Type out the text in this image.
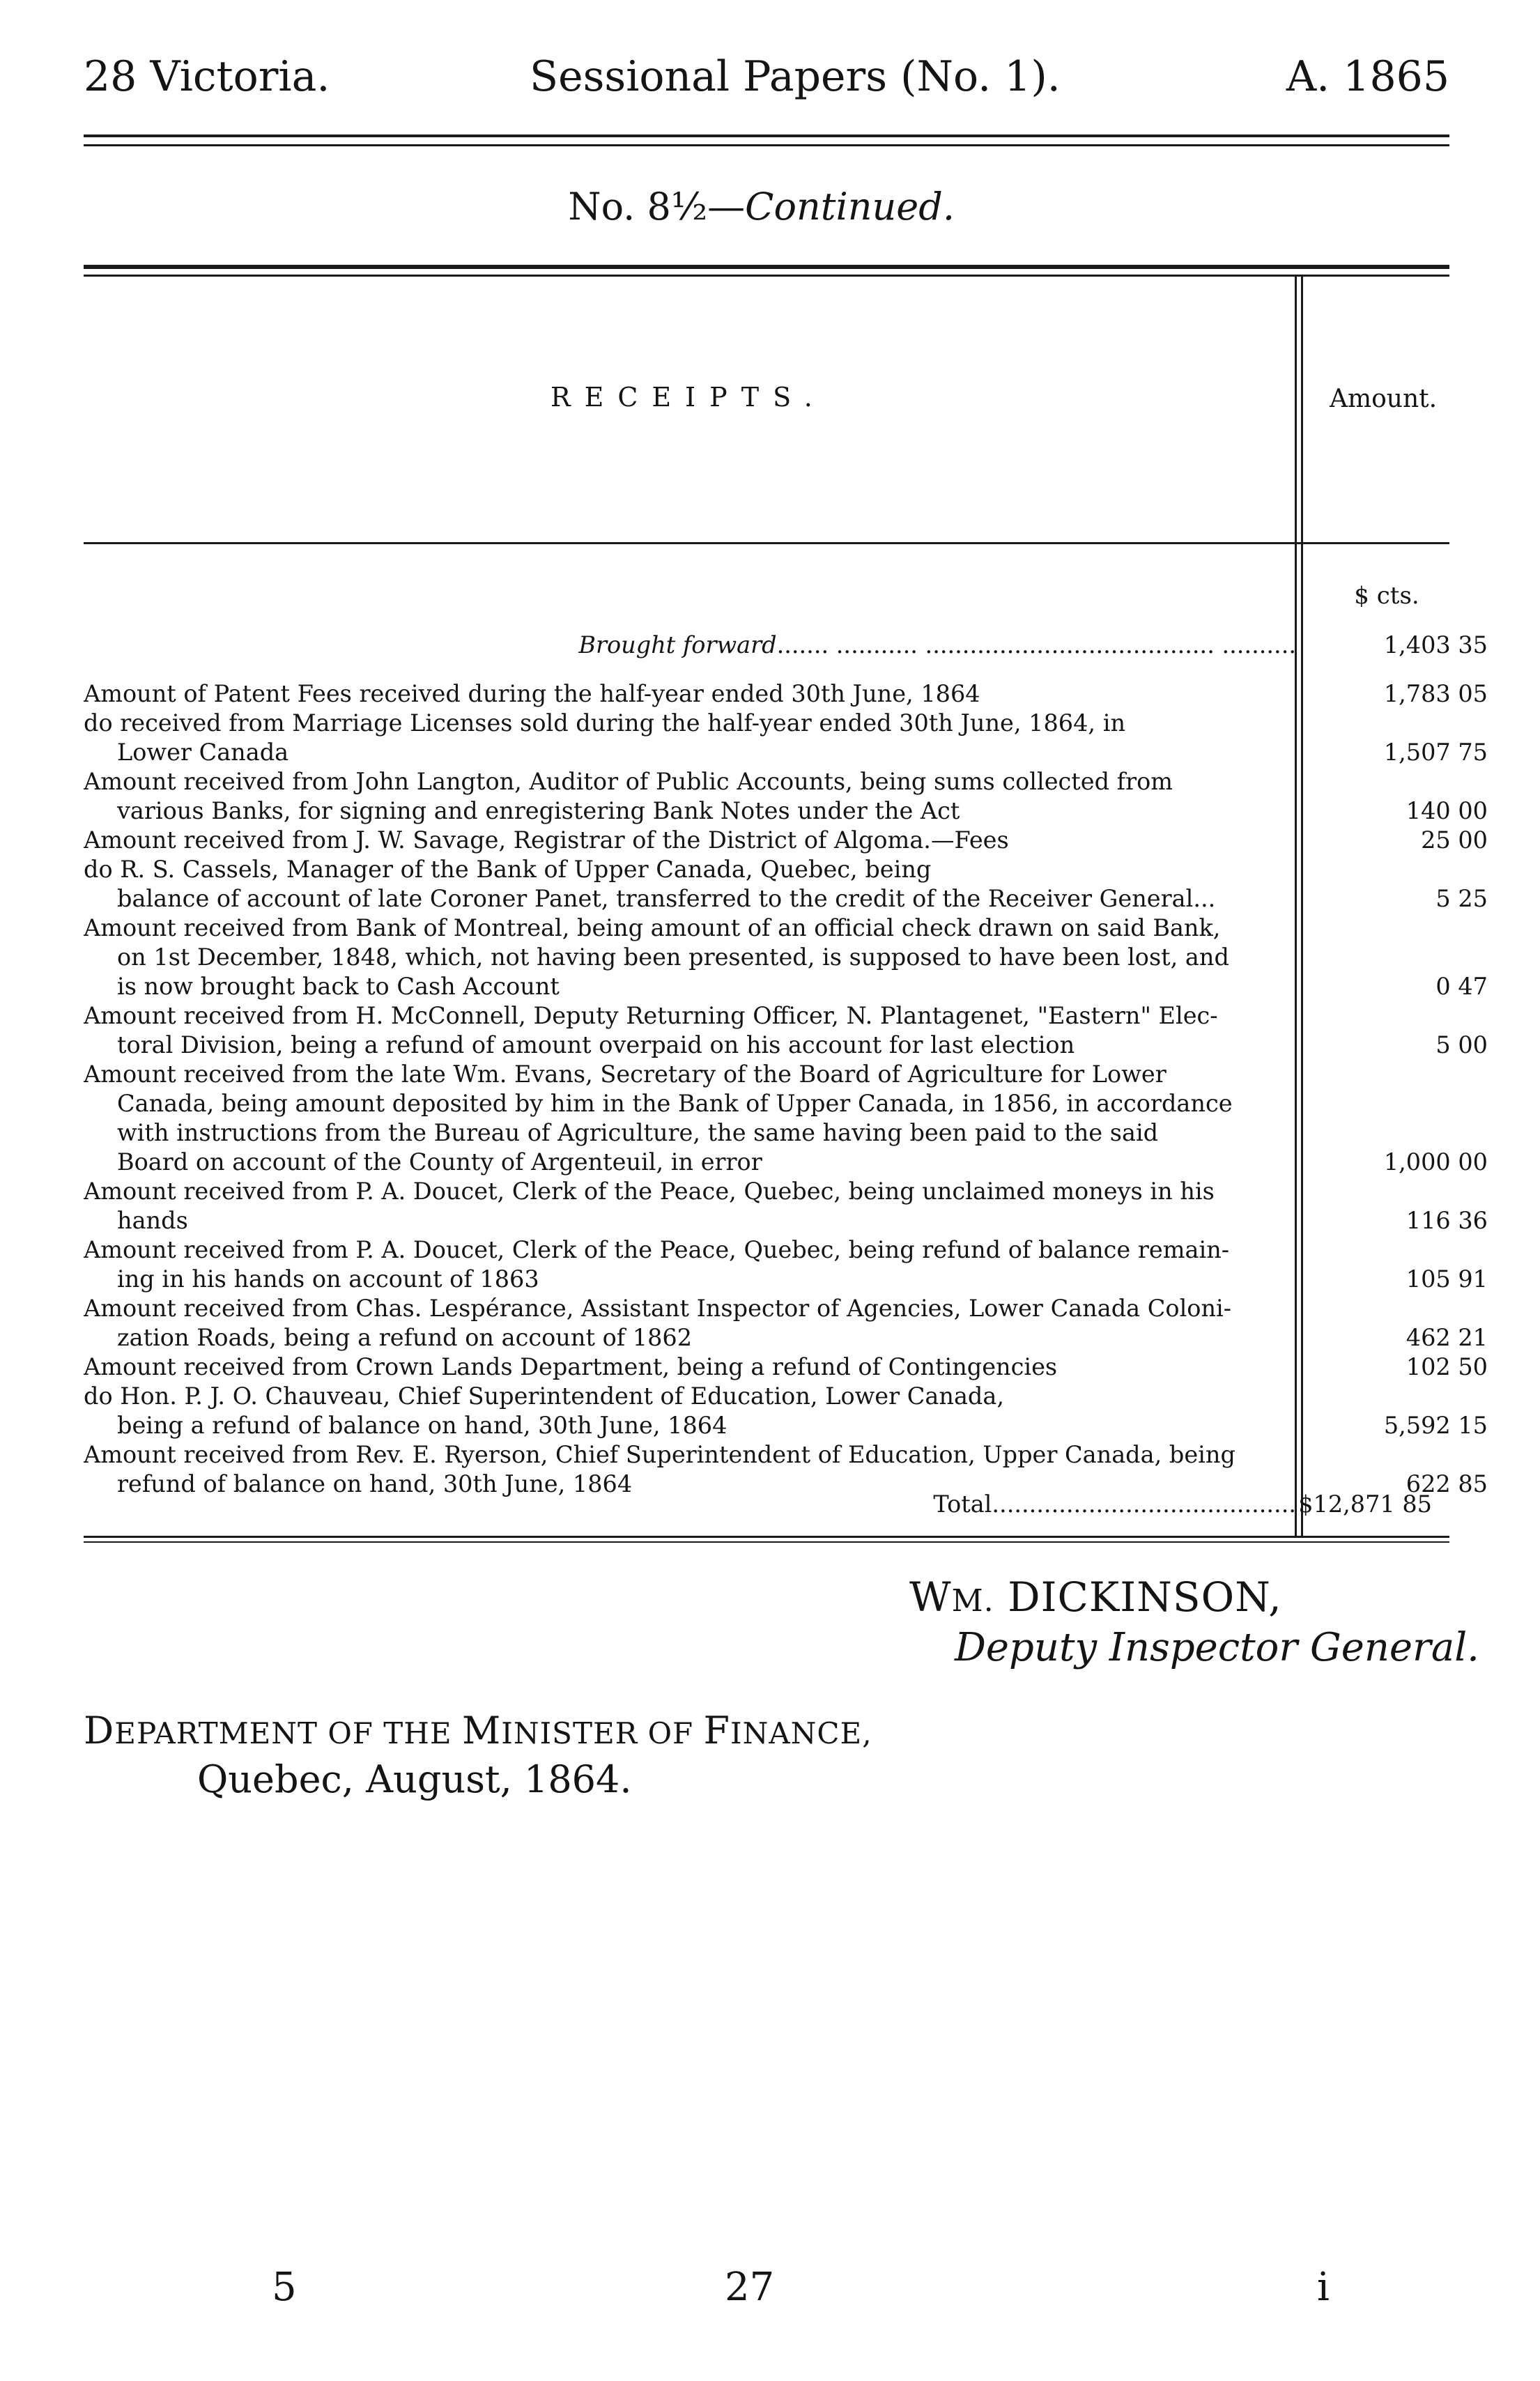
28 Victoria.	Sessional Papers (No. 1).	A. 1865
No. 8½—Continued.
RECEIPTS.	Amount.
$ cts.
Brought forward....... ........... ....................................... ..........	1,403 35
Amount of Patent Fees received during the half-year ended 30th June, 1864	1,783 05
do received from Marriage Licenses sold during the half-year ended 30th June, 1864, in
Lower Canada	1,507 75
Amount received from John Langton, Auditor of Public Accounts, being sums collected from
various Banks, for signing and enregistering Bank Notes under the Act	140 00
Amount received from J. W. Savage, Registrar of the District of Algoma.—Fees	25 00
do R. S. Cassels, Manager of the Bank of Upper Canada, Quebec, being
balance of account of late Coroner Panet, transferred to the credit of the Receiver General...	5 25
Amount received from Bank of Montreal, being amount of an official check drawn on said Bank,
on 1st December, 1848, which, not having been presented, is supposed to have been lost, and
is now brought back to Cash Account	0 47
Amount received from H. McConnell, Deputy Returning Officer, N. Plantagenet, "Eastern" Elec-
toral Division, being a refund of amount overpaid on his account for last election	5 00
Amount received from the late Wm. Evans, Secretary of the Board of Agriculture for Lower
Canada, being amount deposited by him in the Bank of Upper Canada, in 1856, in accordance
with instructions from the Bureau of Agriculture, the same having been paid to the said
Board on account of the County of Argenteuil, in error	1,000 00
Amount received from P. A. Doucet, Clerk of the Peace, Quebec, being unclaimed moneys in his
hands	116 36
Amount received from P. A. Doucet, Clerk of the Peace, Quebec, being refund of balance remain-
ing in his hands on account of 1863	105 91
Amount received from Chas. Lespérance, Assistant Inspector of Agencies, Lower Canada Coloni-
zation Roads, being a refund on account of 1862	462 21
Amount received from Crown Lands Department, being a refund of Contingencies	102 50
do Hon. P. J. O. Chauveau, Chief Superintendent of Education, Lower Canada,
being a refund of balance on hand, 30th June, 1864	5,592 15
Amount received from Rev. E. Ryerson, Chief Superintendent of Education, Upper Canada, being
refund of balance on hand, 30th June, 1864	622 85
Total......................................... $12,871 85
WM. DICKINSON,
Deputy Inspector General.
DEPARTMENT OF THE MINISTER OF FINANCE,
Quebec, August, 1864.
5	27	i
